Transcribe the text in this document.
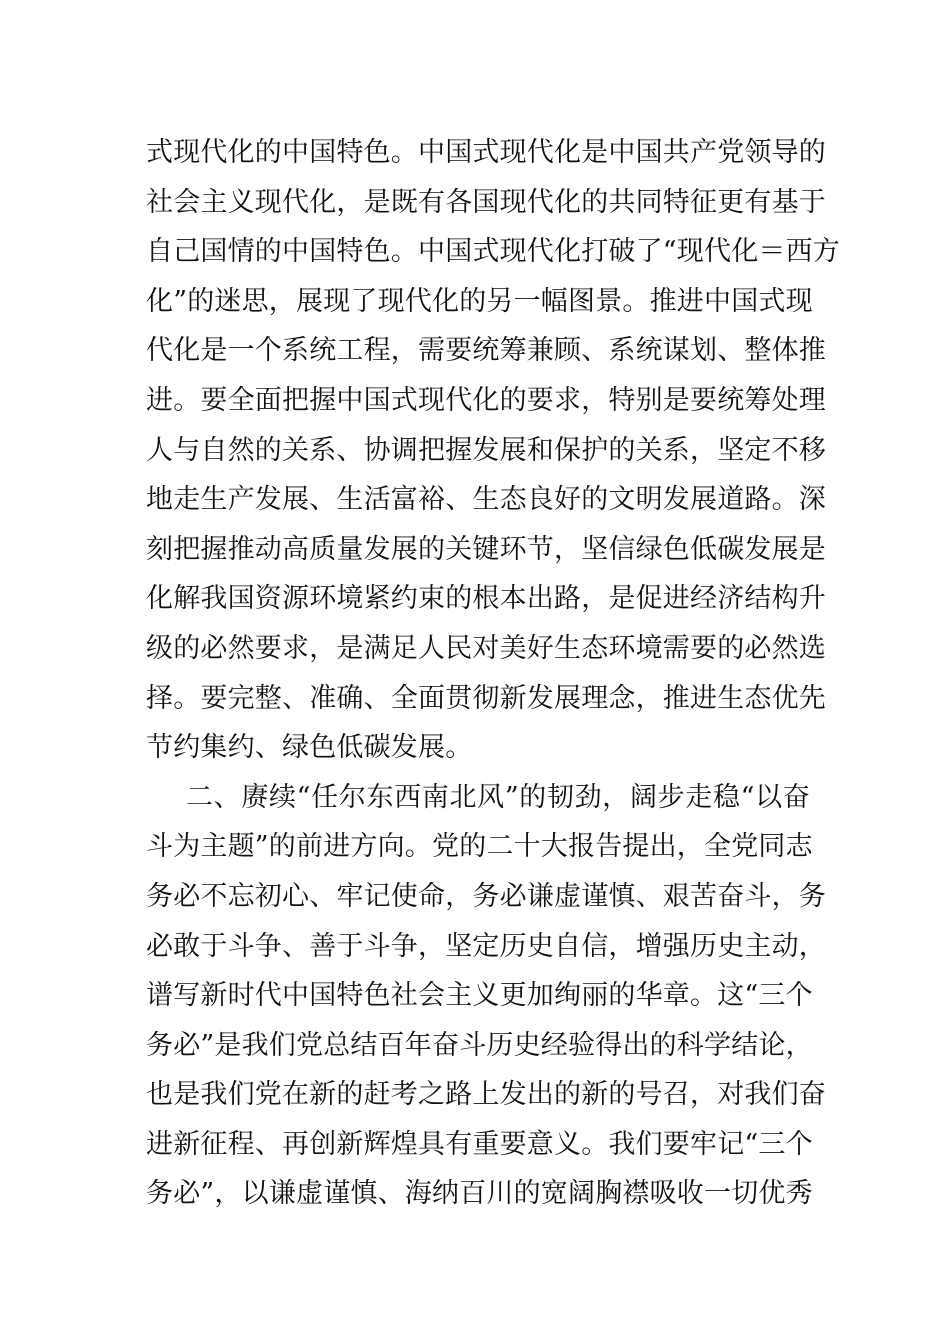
式现代化的中国特色。中国式现代化是中国共产党领导的
社会主义现代化，是既有各国现代化的共同特征更有基于
自己国情的中国特色。中国式现代化打破了“现代化＝西方
化”的迷思，展现了现代化的另一幅图景。推进中国式现
代化是一个系统工程，需要统筹兼顾、系统谋划、整体推
进。要全面把握中国式现代化的要求，特别是要统筹处理
人与自然的关系、协调把握发展和保护的关系，坚定不移
地走生产发展、生活富裕、生态良好的文明发展道路。深
刻把握推动高质量发展的关键环节，坚信绿色低碳发展是
化解我国资源环境紧约束的根本出路，是促进经济结构升
级的必然要求，是满足人民对美好生态环境需要的必然选
择。要完整、准确、全面贯彻新发展理念，推进生态优先
节约集约、绿色低碳发展。
二、赓续“任尔东西南北风”的韧劲，阔步走稳“以奋
斗为主题”的前进方向。党的二十大报告提出，全党同志
务必不忘初心、牢记使命，务必谦虚谨慎、艰苦奋斗，务
必敢于斗争、善于斗争，坚定历史自信，增强历史主动，
谱写新时代中国特色社会主义更加绚丽的华章。这“三个
务必”是我们党总结百年奋斗历史经验得出的科学结论，
也是我们党在新的赶考之路上发出的新的号召，对我们奋
进新征程、再创新辉煌具有重要意义。我们要牢记“三个
务必”，以谦虚谨慎、海纳百川的宽阔胸襟吸收一切优秀
